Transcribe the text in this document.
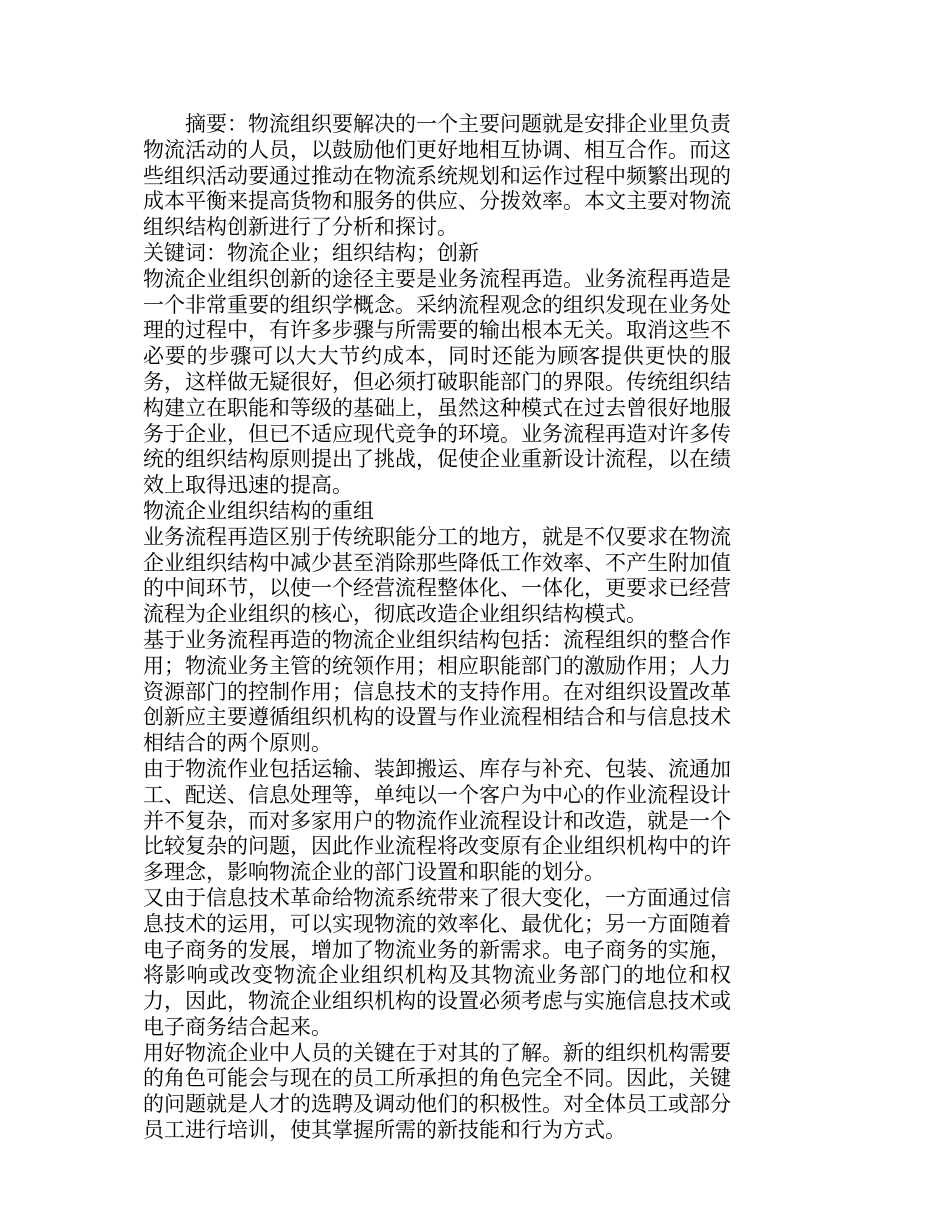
摘要：物流组织要解决的一个主要问题就是安排企业里负责物流活动的人员，以鼓励他们更好地相互协调、相互合作。而这些组织活动要通过推动在物流系统规划和运作过程中频繁出现的成本平衡来提高货物和服务的供应、分拨效率。本文主要对物流组织结构创新进行了分析和探讨。

关键词：物流企业；组织结构；创新

物流企业组织创新的途径主要是业务流程再造。业务流程再造是一个非常重要的组织学概念。采纳流程观念的组织发现在业务处理的过程中，有许多步骤与所需要的输出根本无关。取消这些不必要的步骤可以大大节约成本，同时还能为顾客提供更快的服务，这样做无疑很好，但必须打破职能部门的界限。传统组织结构建立在职能和等级的基础上，虽然这种模式在过去曾很好地服务于企业，但已不适应现代竞争的环境。业务流程再造对许多传统的组织结构原则提出了挑战，促使企业重新设计流程，以在绩效上取得迅速的提高。

物流企业组织结构的重组

业务流程再造区别于传统职能分工的地方，就是不仅要求在物流企业组织结构中减少甚至消除那些降低工作效率、不产生附加值的中间环节，以使一个经营流程整体化、一体化，更要求已经营流程为企业组织的核心，彻底改造企业组织结构模式。

基于业务流程再造的物流企业组织结构包括：流程组织的整合作用；物流业务主管的统领作用；相应职能部门的激励作用；人力资源部门的控制作用；信息技术的支持作用。在对组织设置改革创新应主要遵循组织机构的设置与作业流程相结合和与信息技术相结合的两个原则。

由于物流作业包括运输、装卸搬运、库存与补充、包装、流通加工、配送、信息处理等，单纯以一个客户为中心的作业流程设计并不复杂，而对多家用户的物流作业流程设计和改造，就是一个比较复杂的问题，因此作业流程将改变原有企业组织机构中的许多理念，影响物流企业的部门设置和职能的划分。

又由于信息技术革命给物流系统带来了很大变化，一方面通过信息技术的运用，可以实现物流的效率化、最优化；另一方面随着电子商务的发展，增加了物流业务的新需求。电子商务的实施，将影响或改变物流企业组织机构及其物流业务部门的地位和权力，因此，物流企业组织机构的设置必须考虑与实施信息技术或电子商务结合起来。

用好物流企业中人员的关键在于对其的了解。新的组织机构需要的角色可能会与现在的员工所承担的角色完全不同。因此，关键的问题就是人才的选聘及调动他们的积极性。对全体员工或部分员工进行培训，使其掌握所需的新技能和行为方式。
